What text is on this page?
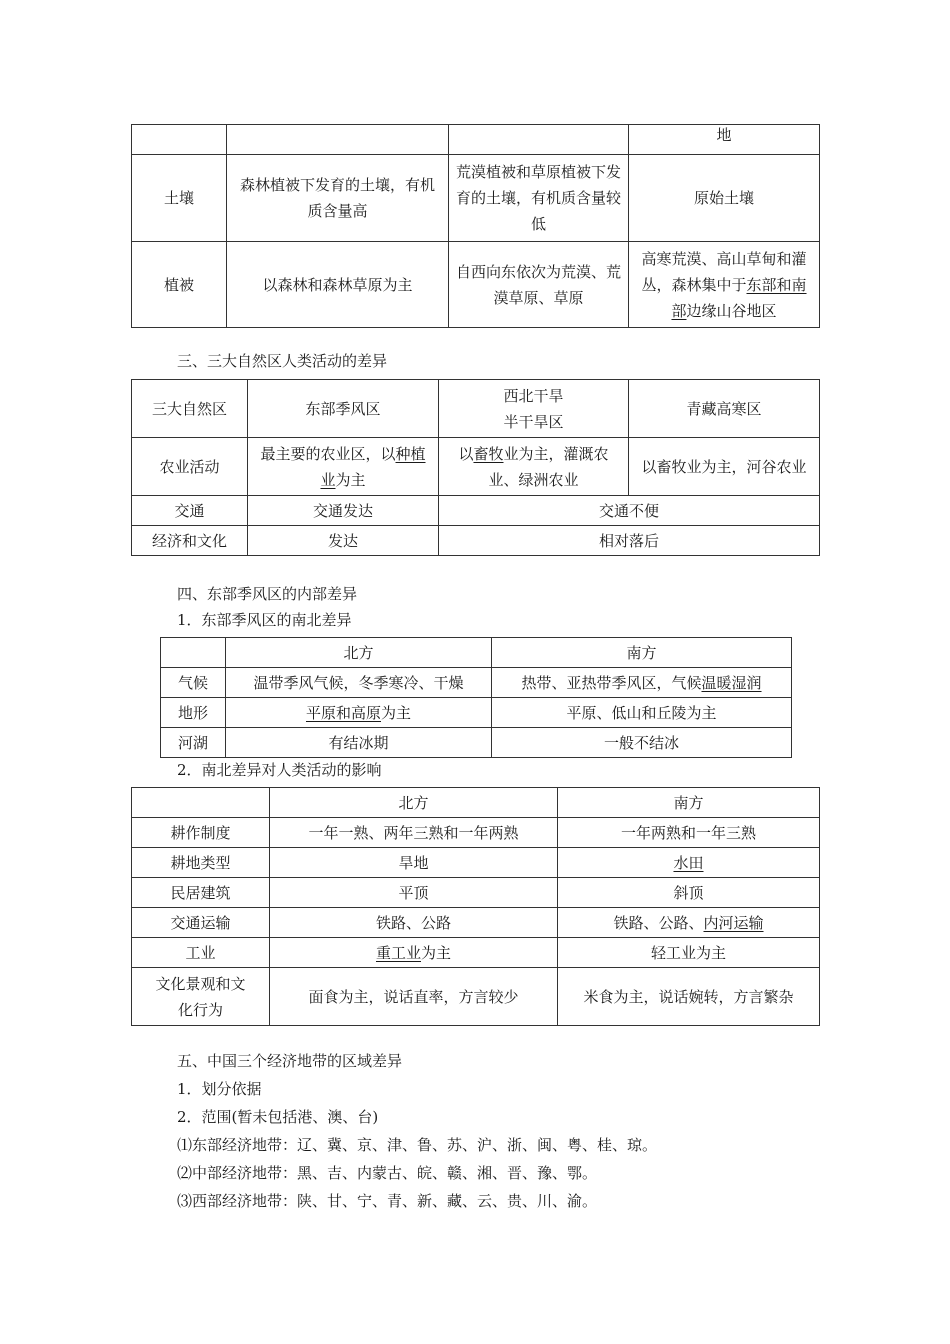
			地
土壤	森林植被下发育的土壤，有机质含量高	荒漠植被和草原植被下发育的土壤，有机质含量较低	原始土壤
植被	以森林和森林草原为主	自西向东依次为荒漠、荒漠草原、草原	高寒荒漠、高山草甸和灌丛，森林集中于东部和南部边缘山谷地区
三、三大自然区人类活动的差异
三大自然区	东部季风区	西北干旱半干旱区	青藏高寒区
农业活动	最主要的农业区，以种植业为主	以畜牧业为主，灌溉农业、绿洲农业	以畜牧业为主，河谷农业
交通	交通发达	交通不便	
经济和文化	发达	相对落后	
四、东部季风区的内部差异
1．东部季风区的南北差异
	北方	南方
气候	温带季风气候，冬季寒冷、干燥	热带、亚热带季风区，气候温暖湿润
地形	平原和高原为主	平原、低山和丘陵为主
河湖	有结冰期	一般不结冰
2．南北差异对人类活动的影响
	北方	南方
耕作制度	一年一熟、两年三熟和一年两熟	一年两熟和一年三熟
耕地类型	旱地	水田
民居建筑	平顶	斜顶
交通运输	铁路、公路	铁路、公路、内河运输
工业	重工业为主	轻工业为主
文化景观和文化行为	面食为主，说话直率，方言较少	米食为主，说话婉转，方言繁杂
五、中国三个经济地带的区域差异
1．划分依据
2．范围(暂未包括港、澳、台)
⑴东部经济地带：辽、冀、京、津、鲁、苏、沪、浙、闽、粤、桂、琼。
⑵中部经济地带：黑、吉、内蒙古、皖、赣、湘、晋、豫、鄂。
⑶西部经济地带：陕、甘、宁、青、新、藏、云、贵、川、渝。
